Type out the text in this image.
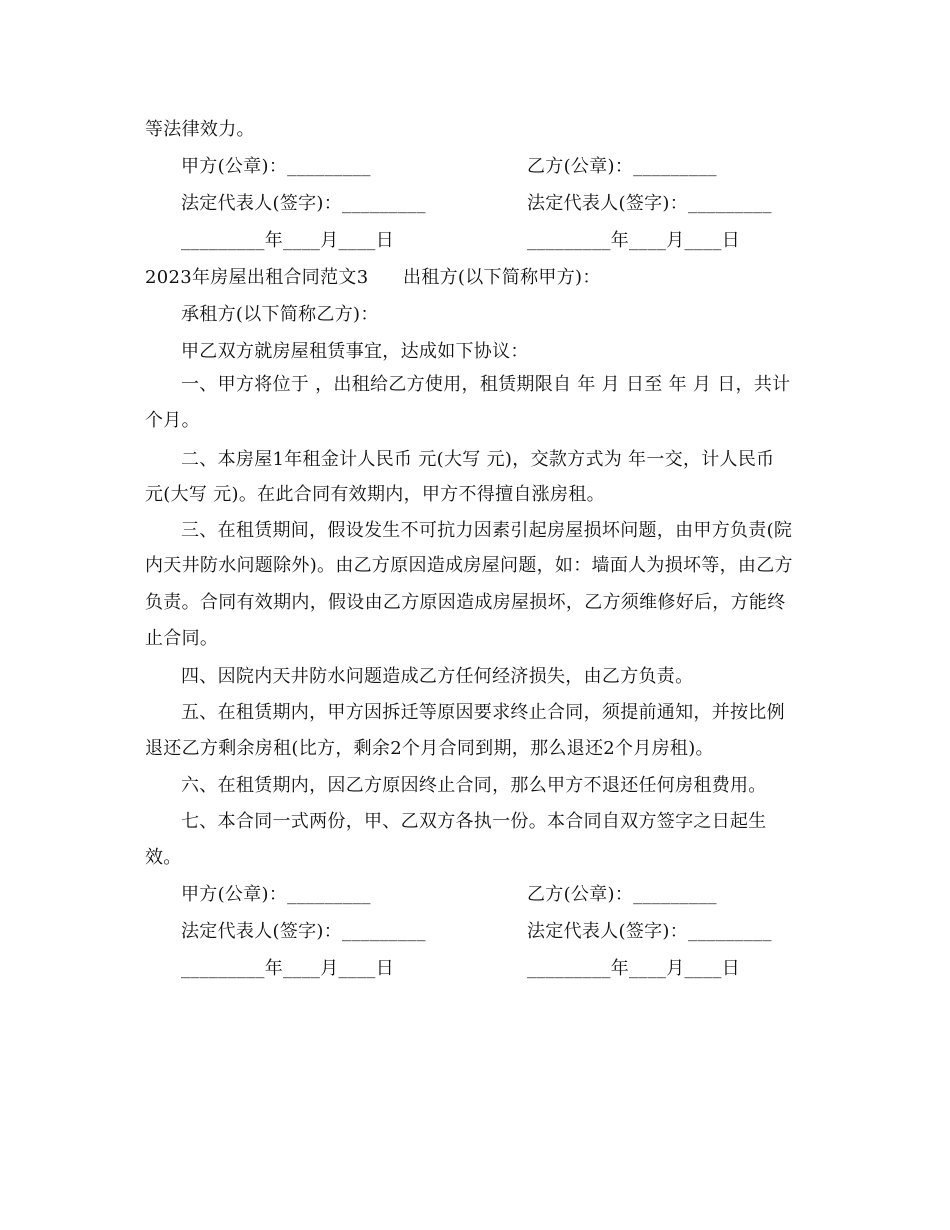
等法律效力。
甲方(公章)：_________	乙方(公章)：_________
法定代表人(签字)：_________	法定代表人(签字)：_________
_________年____月____日	_________年____月____日
2023年房屋出租合同范文3	出租方(以下简称甲方)：
承租方(以下简称乙方)：
甲乙双方就房屋租赁事宜，达成如下协议：
一、甲方将位于 ，出租给乙方使用，租赁期限自 年 月 日至 年 月 日，共计
个月。
二、本房屋1年租金计人民币 元(大写 元)，交款方式为 年一交，计人民币
元(大写 元)。在此合同有效期内，甲方不得擅自涨房租。
三、在租赁期间，假设发生不可抗力因素引起房屋损坏问题，由甲方负责(院
内天井防水问题除外)。由乙方原因造成房屋问题，如：墙面人为损坏等，由乙方
负责。合同有效期内，假设由乙方原因造成房屋损坏，乙方须维修好后，方能终
止合同。
四、因院内天井防水问题造成乙方任何经济损失，由乙方负责。
五、在租赁期内，甲方因拆迁等原因要求终止合同，须提前通知，并按比例
退还乙方剩余房租(比方，剩余2个月合同到期，那么退还2个月房租)。
六、在租赁期内，因乙方原因终止合同，那么甲方不退还任何房租费用。
七、本合同一式两份，甲、乙双方各执一份。本合同自双方签字之日起生
效。
甲方(公章)：_________	乙方(公章)：_________
法定代表人(签字)：_________	法定代表人(签字)：_________
_________年____月____日	_________年____月____日
